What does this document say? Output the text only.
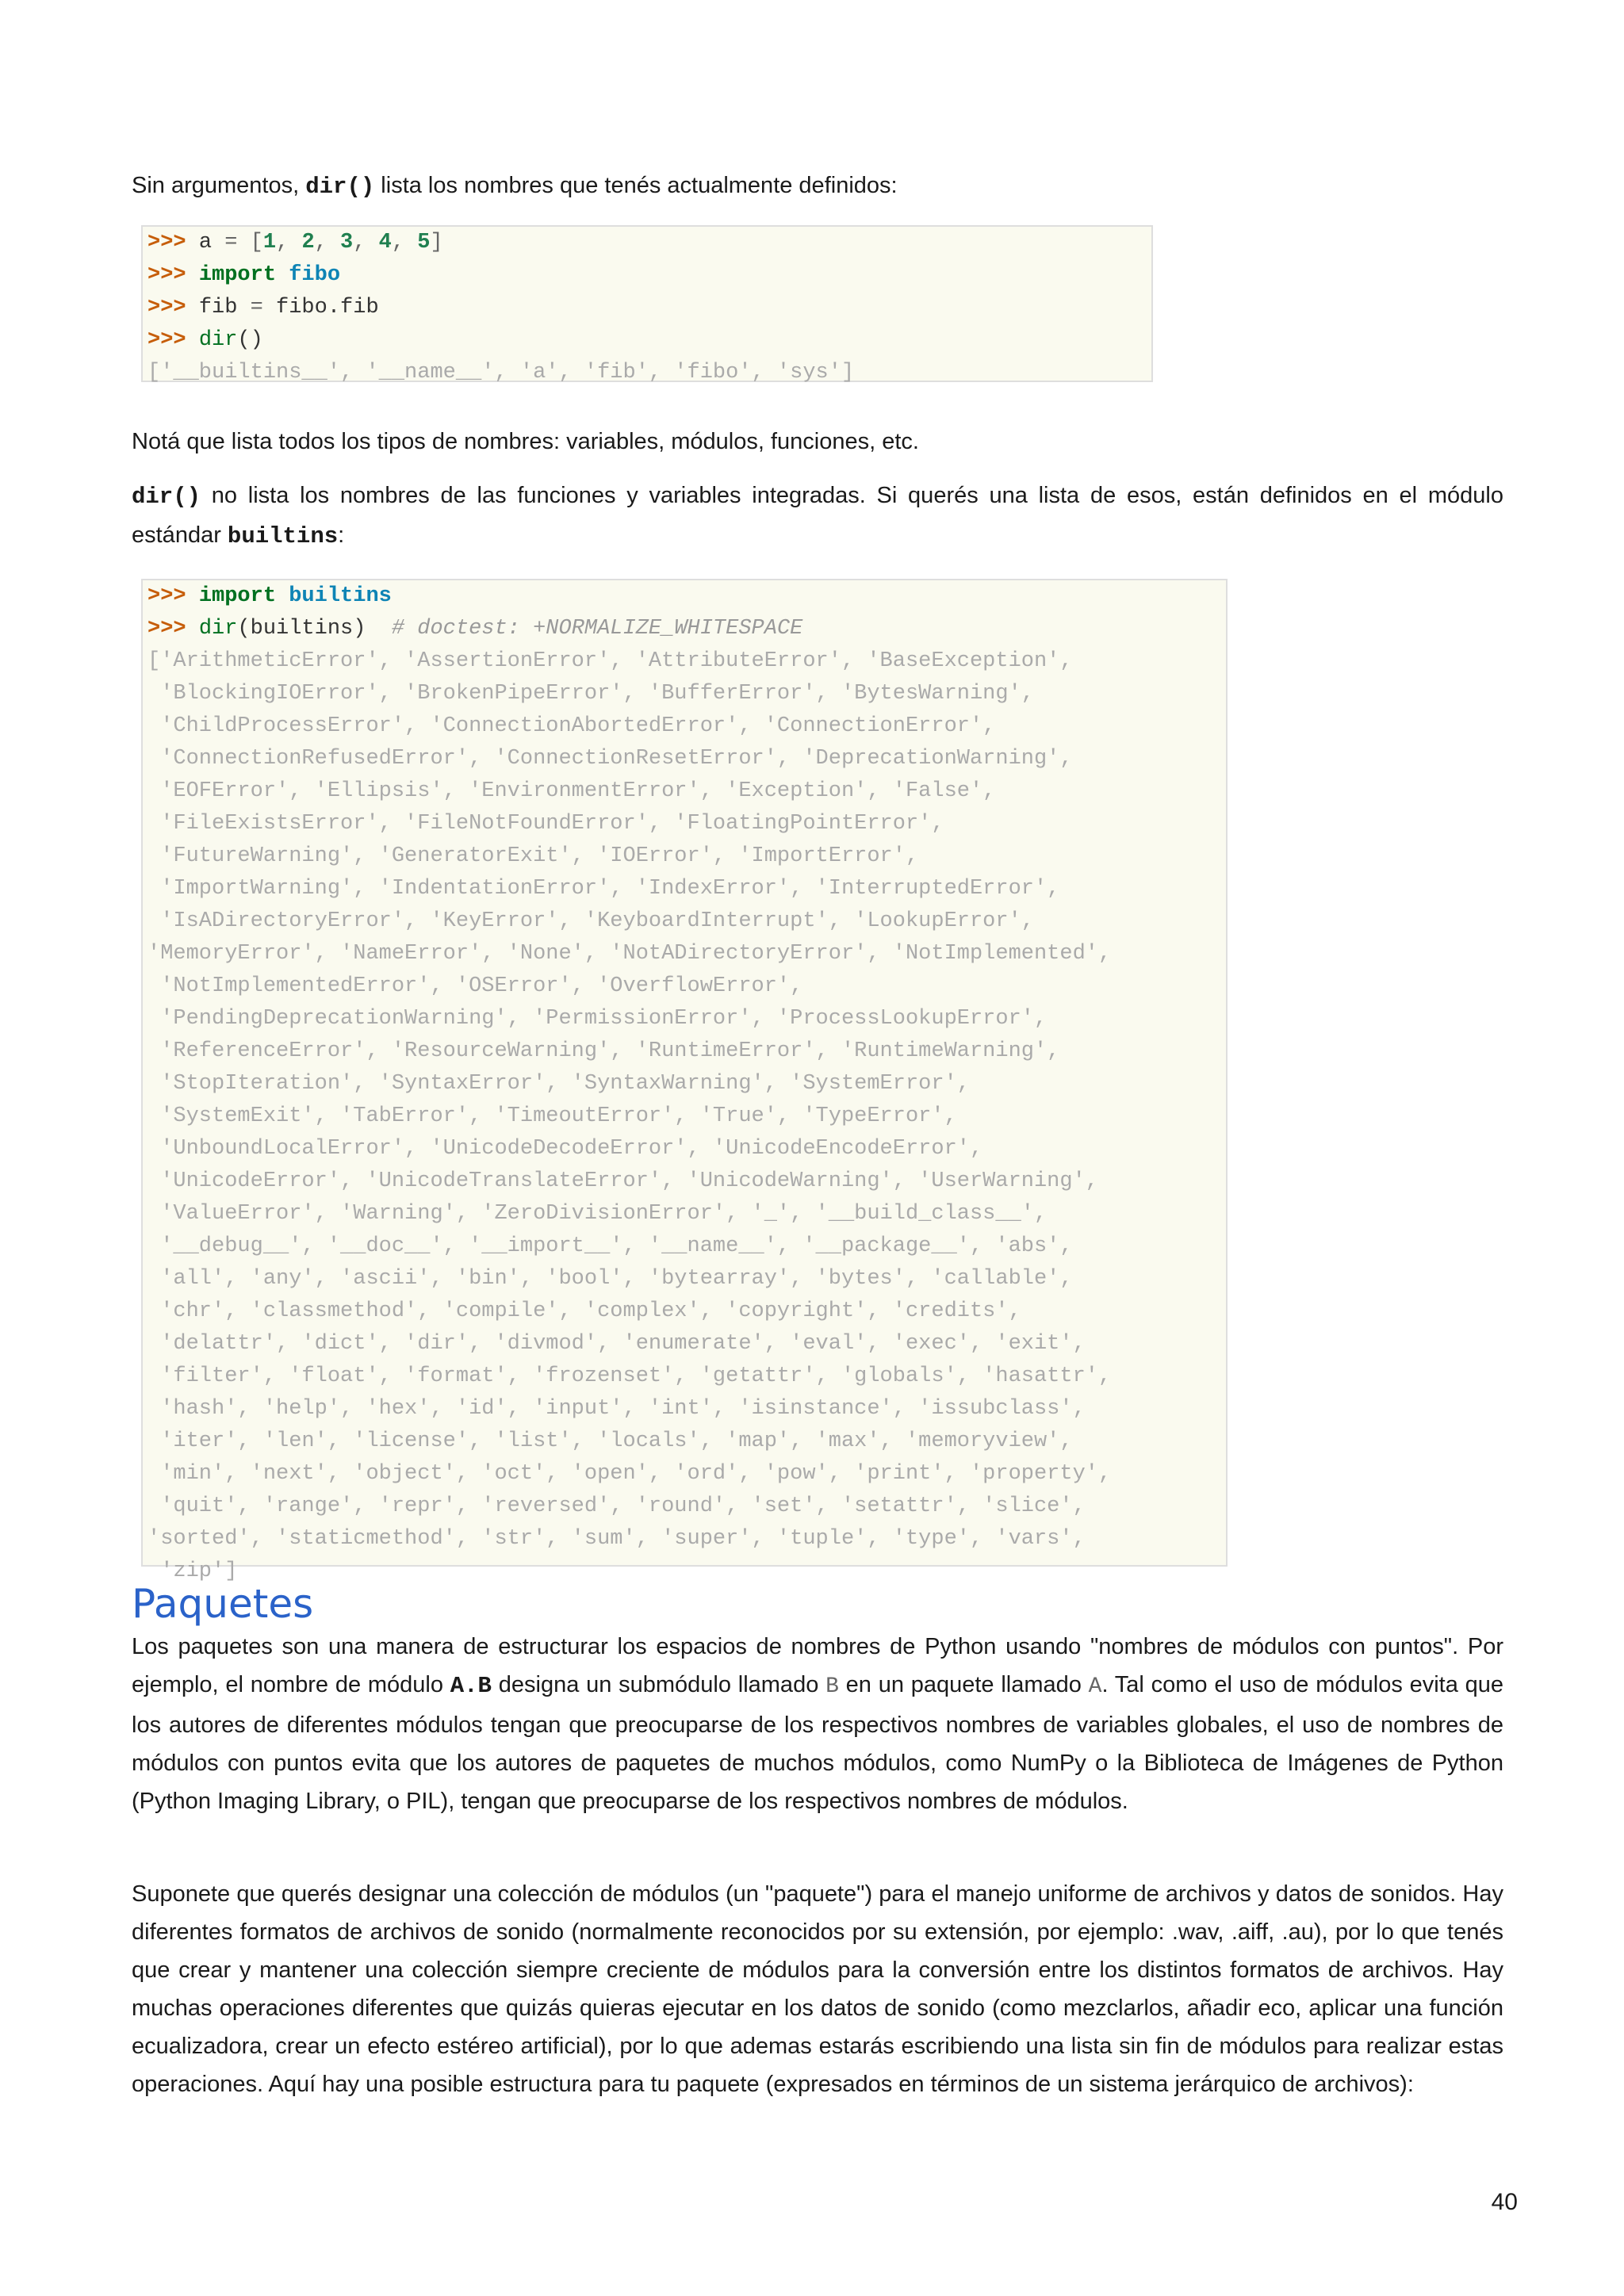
Sin argumentos, dir() lista los nombres que tenés actualmente definidos:

>>> a = [1, 2, 3, 4, 5]
>>> import fibo
>>> fib = fibo.fib
>>> dir()
['__builtins__', '__name__', 'a', 'fib', 'fibo', 'sys']

Notá que lista todos los tipos de nombres: variables, módulos, funciones, etc.

dir() no lista los nombres de las funciones y variables integradas. Si querés una lista de esos, están definidos en el módulo estándar builtins:

>>> import builtins
>>> dir(builtins) # doctest: +NORMALIZE_WHITESPACE
['ArithmeticError', 'AssertionError', 'AttributeError', 'BaseException',
'BlockingIOError', 'BrokenPipeError', 'BufferError', 'BytesWarning',
'ChildProcessError', 'ConnectionAbortedError', 'ConnectionError',
'ConnectionRefusedError', 'ConnectionResetError', 'DeprecationWarning',
'EOFError', 'Ellipsis', 'EnvironmentError', 'Exception', 'False',
'FileExistsError', 'FileNotFoundError', 'FloatingPointError',
'FutureWarning', 'GeneratorExit', 'IOError', 'ImportError',
'ImportWarning', 'IndentationError', 'IndexError', 'InterruptedError',
'IsADirectoryError', 'KeyError', 'KeyboardInterrupt', 'LookupError',
'MemoryError', 'NameError', 'None', 'NotADirectoryError', 'NotImplemented',
'NotImplementedError', 'OSError', 'OverflowError',
'PendingDeprecationWarning', 'PermissionError', 'ProcessLookupError',
'ReferenceError', 'ResourceWarning', 'RuntimeError', 'RuntimeWarning',
'StopIteration', 'SyntaxError', 'SyntaxWarning', 'SystemError',
'SystemExit', 'TabError', 'TimeoutError', 'True', 'TypeError',
'UnboundLocalError', 'UnicodeDecodeError', 'UnicodeEncodeError',
'UnicodeError', 'UnicodeTranslateError', 'UnicodeWarning', 'UserWarning',
'ValueError', 'Warning', 'ZeroDivisionError', '_', '__build_class__',
'__debug__', '__doc__', '__import__', '__name__', '__package__', 'abs',
'all', 'any', 'ascii', 'bin', 'bool', 'bytearray', 'bytes', 'callable',
'chr', 'classmethod', 'compile', 'complex', 'copyright', 'credits',
'delattr', 'dict', 'dir', 'divmod', 'enumerate', 'eval', 'exec', 'exit',
'filter', 'float', 'format', 'frozenset', 'getattr', 'globals', 'hasattr',
'hash', 'help', 'hex', 'id', 'input', 'int', 'isinstance', 'issubclass',
'iter', 'len', 'license', 'list', 'locals', 'map', 'max', 'memoryview',
'min', 'next', 'object', 'oct', 'open', 'ord', 'pow', 'print', 'property',
'quit', 'range', 'repr', 'reversed', 'round', 'set', 'setattr', 'slice',
'sorted', 'staticmethod', 'str', 'sum', 'super', 'tuple', 'type', 'vars',
'zip']
Paquetes

Los paquetes son una manera de estructurar los espacios de nombres de Python usando "nombres de módulos con puntos". Por ejemplo, el nombre de módulo A.B designa un submódulo llamado B en un paquete llamado A. Tal como el uso de módulos evita que los autores de diferentes módulos tengan que preocuparse de los respectivos nombres de variables globales, el uso de nombres de módulos con puntos evita que los autores de paquetes de muchos módulos, como NumPy o la Biblioteca de Imágenes de Python (Python Imaging Library, o PIL), tengan que preocuparse de los respectivos nombres de módulos.

Suponete que querés designar una colección de módulos (un "paquete") para el manejo uniforme de archivos y datos de sonidos. Hay diferentes formatos de archivos de sonido (normalmente reconocidos por su extensión, por ejemplo: .wav, .aiff, .au), por lo que tenés que crear y mantener una colección siempre creciente de módulos para la conversión entre los distintos formatos de archivos. Hay muchas operaciones diferentes que quizás quieras ejecutar en los datos de sonido (como mezclarlos, añadir eco, aplicar una función ecualizadora, crear un efecto estéreo artificial), por lo que ademas estarás escribiendo una lista sin fin de módulos para realizar estas operaciones. Aquí hay una posible estructura para tu paquete (expresados en términos de un sistema jerárquico de archivos):

40
